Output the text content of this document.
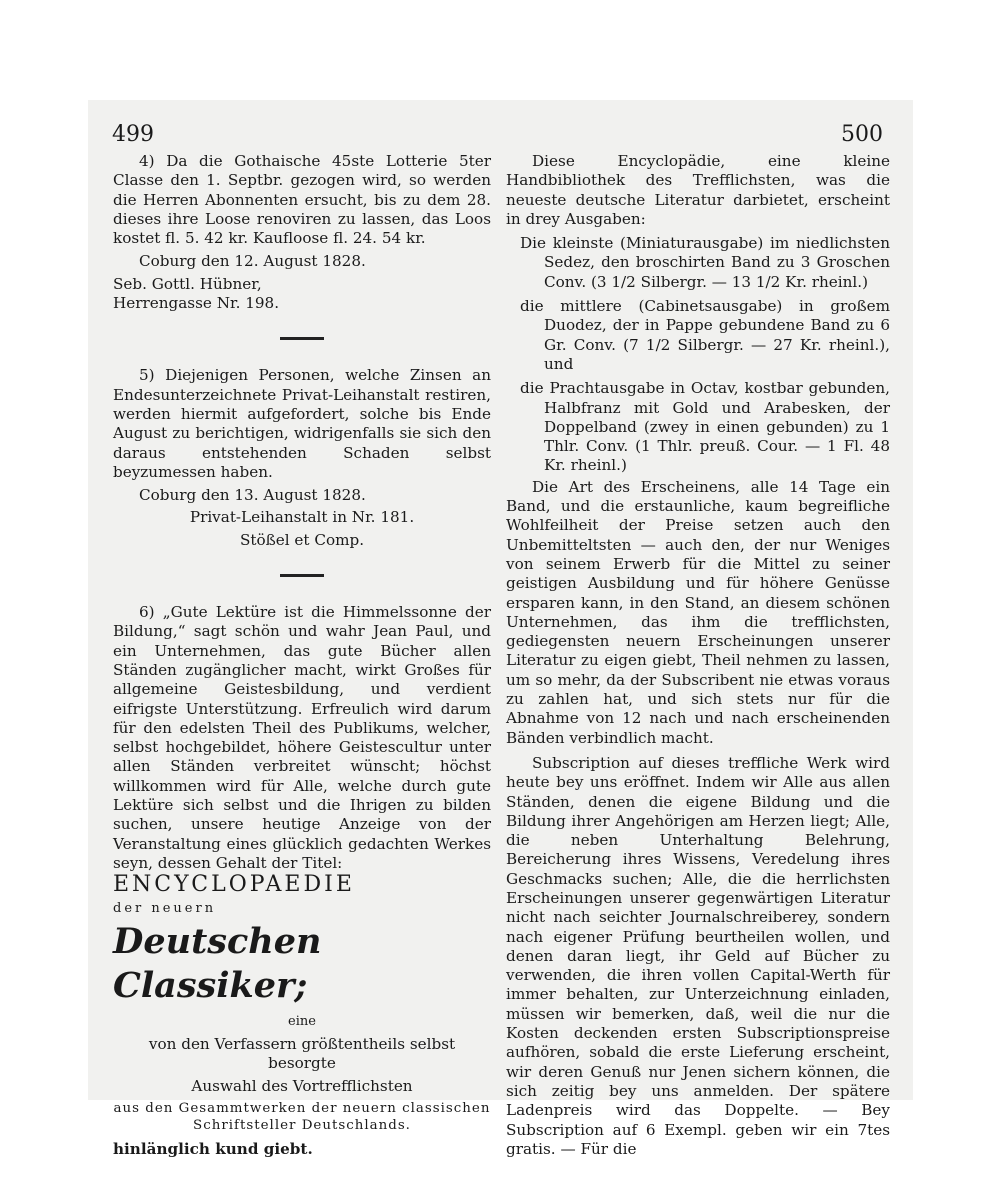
499	500

4) Da die Gothaische 45ste Lotterie 5ter Classe den 1. Septbr. gezogen wird, so werden die Herren Abonnenten ersucht, bis zu dem 28. dieses ihre Loose renoviren zu lassen, das Loos kostet fl. 5. 42 kr. Kaufloose fl. 24. 54 kr.

Coburg den 12. August 1828.

Seb. Gottl. Hübner,

Herrengasse Nr. 198.

5) Diejenigen Personen, welche Zinsen an Endesunterzeichnete Privat-Leihanstalt restiren, werden hiermit aufgefordert, solche bis Ende August zu berichtigen, widrigenfalls sie sich den daraus entstehenden Schaden selbst beyzumessen haben.

Coburg den 13. August 1828.

Privat-Leihanstalt in Nr. 181.

Stößel et Comp.

6) „Gute Lektüre ist die Himmelssonne der Bildung,“ sagt schön und wahr Jean Paul, und ein Unternehmen, das gute Bücher allen Ständen zugänglicher macht, wirkt Großes für allgemeine Geistesbildung, und verdient eifrigste Unterstützung. Erfreulich wird darum für den edelsten Theil des Publikums, welcher, selbst hochgebildet, höhere Geistescultur unter allen Ständen verbreitet wünscht; höchst willkommen wird für Alle, welche durch gute Lektüre sich selbst und die Ihrigen zu bilden suchen, unsere heutige Anzeige von der Veranstaltung eines glücklich gedachten Werkes seyn, dessen Gehalt der Titel:

ENCYCLOPAEDIE

der neuern

Deutschen Classiker;

eine

von den Verfassern größtentheils selbst besorgte

Auswahl des Vortrefflichsten

aus den Gesammtwerken der neuern classischen Schriftsteller Deutschlands.

hinlänglich kund giebt.

Diese Encyclopädie, eine kleine Handbibliothek des Trefflichsten, was die neueste deutsche Literatur darbietet, erscheint in drey Ausgaben:

Die kleinste (Miniaturausgabe) im niedlichsten Sedez, den broschirten Band zu 3 Groschen Conv. (3 1/2 Silbergr. — 13 1/2 Kr. rheinl.)

die mittlere (Cabinetsausgabe) in großem Duodez, der in Pappe gebundene Band zu 6 Gr. Conv. (7 1/2 Silbergr. — 27 Kr. rheinl.), und

die Prachtausgabe in Octav, kostbar gebunden, Halbfranz mit Gold und Arabesken, der Doppelband (zwey in einen gebunden) zu 1 Thlr. Conv. (1 Thlr. preuß. Cour. — 1 Fl. 48 Kr. rheinl.)

Die Art des Erscheinens, alle 14 Tage ein Band, und die erstaunliche, kaum begreifliche Wohlfeilheit der Preise setzen auch den Unbemitteltsten — auch den, der nur Weniges von seinem Erwerb für die Mittel zu seiner geistigen Ausbildung und für höhere Genüsse ersparen kann, in den Stand, an diesem schönen Unternehmen, das ihm die trefflichsten, gediegensten neuern Erscheinungen unserer Literatur zu eigen giebt, Theil nehmen zu lassen, um so mehr, da der Subscribent nie etwas voraus zu zahlen hat, und sich stets nur für die Abnahme von 12 nach und nach erscheinenden Bänden verbindlich macht.

Subscription auf dieses treffliche Werk wird heute bey uns eröffnet. Indem wir Alle aus allen Ständen, denen die eigene Bildung und die Bildung ihrer Angehörigen am Herzen liegt; Alle, die neben Unterhaltung Belehrung, Bereicherung ihres Wissens, Veredelung ihres Geschmacks suchen; Alle, die die herrlichsten Erscheinungen unserer gegenwärtigen Literatur nicht nach seichter Journalschreiberey, sondern nach eigener Prüfung beurtheilen wollen, und denen daran liegt, ihr Geld auf Bücher zu verwenden, die ihren vollen Capital-Werth für immer behalten, zur Unterzeichnung einladen, müssen wir bemerken, daß, weil die nur die Kosten deckenden ersten Subscriptionspreise aufhören, sobald die erste Lieferung erscheint, wir deren Genuß nur Jenen sichern können, die sich zeitig bey uns anmelden. Der spätere Ladenpreis wird das Doppelte. — Bey Subscription auf 6 Exempl. geben wir ein 7tes gratis. — Für die
